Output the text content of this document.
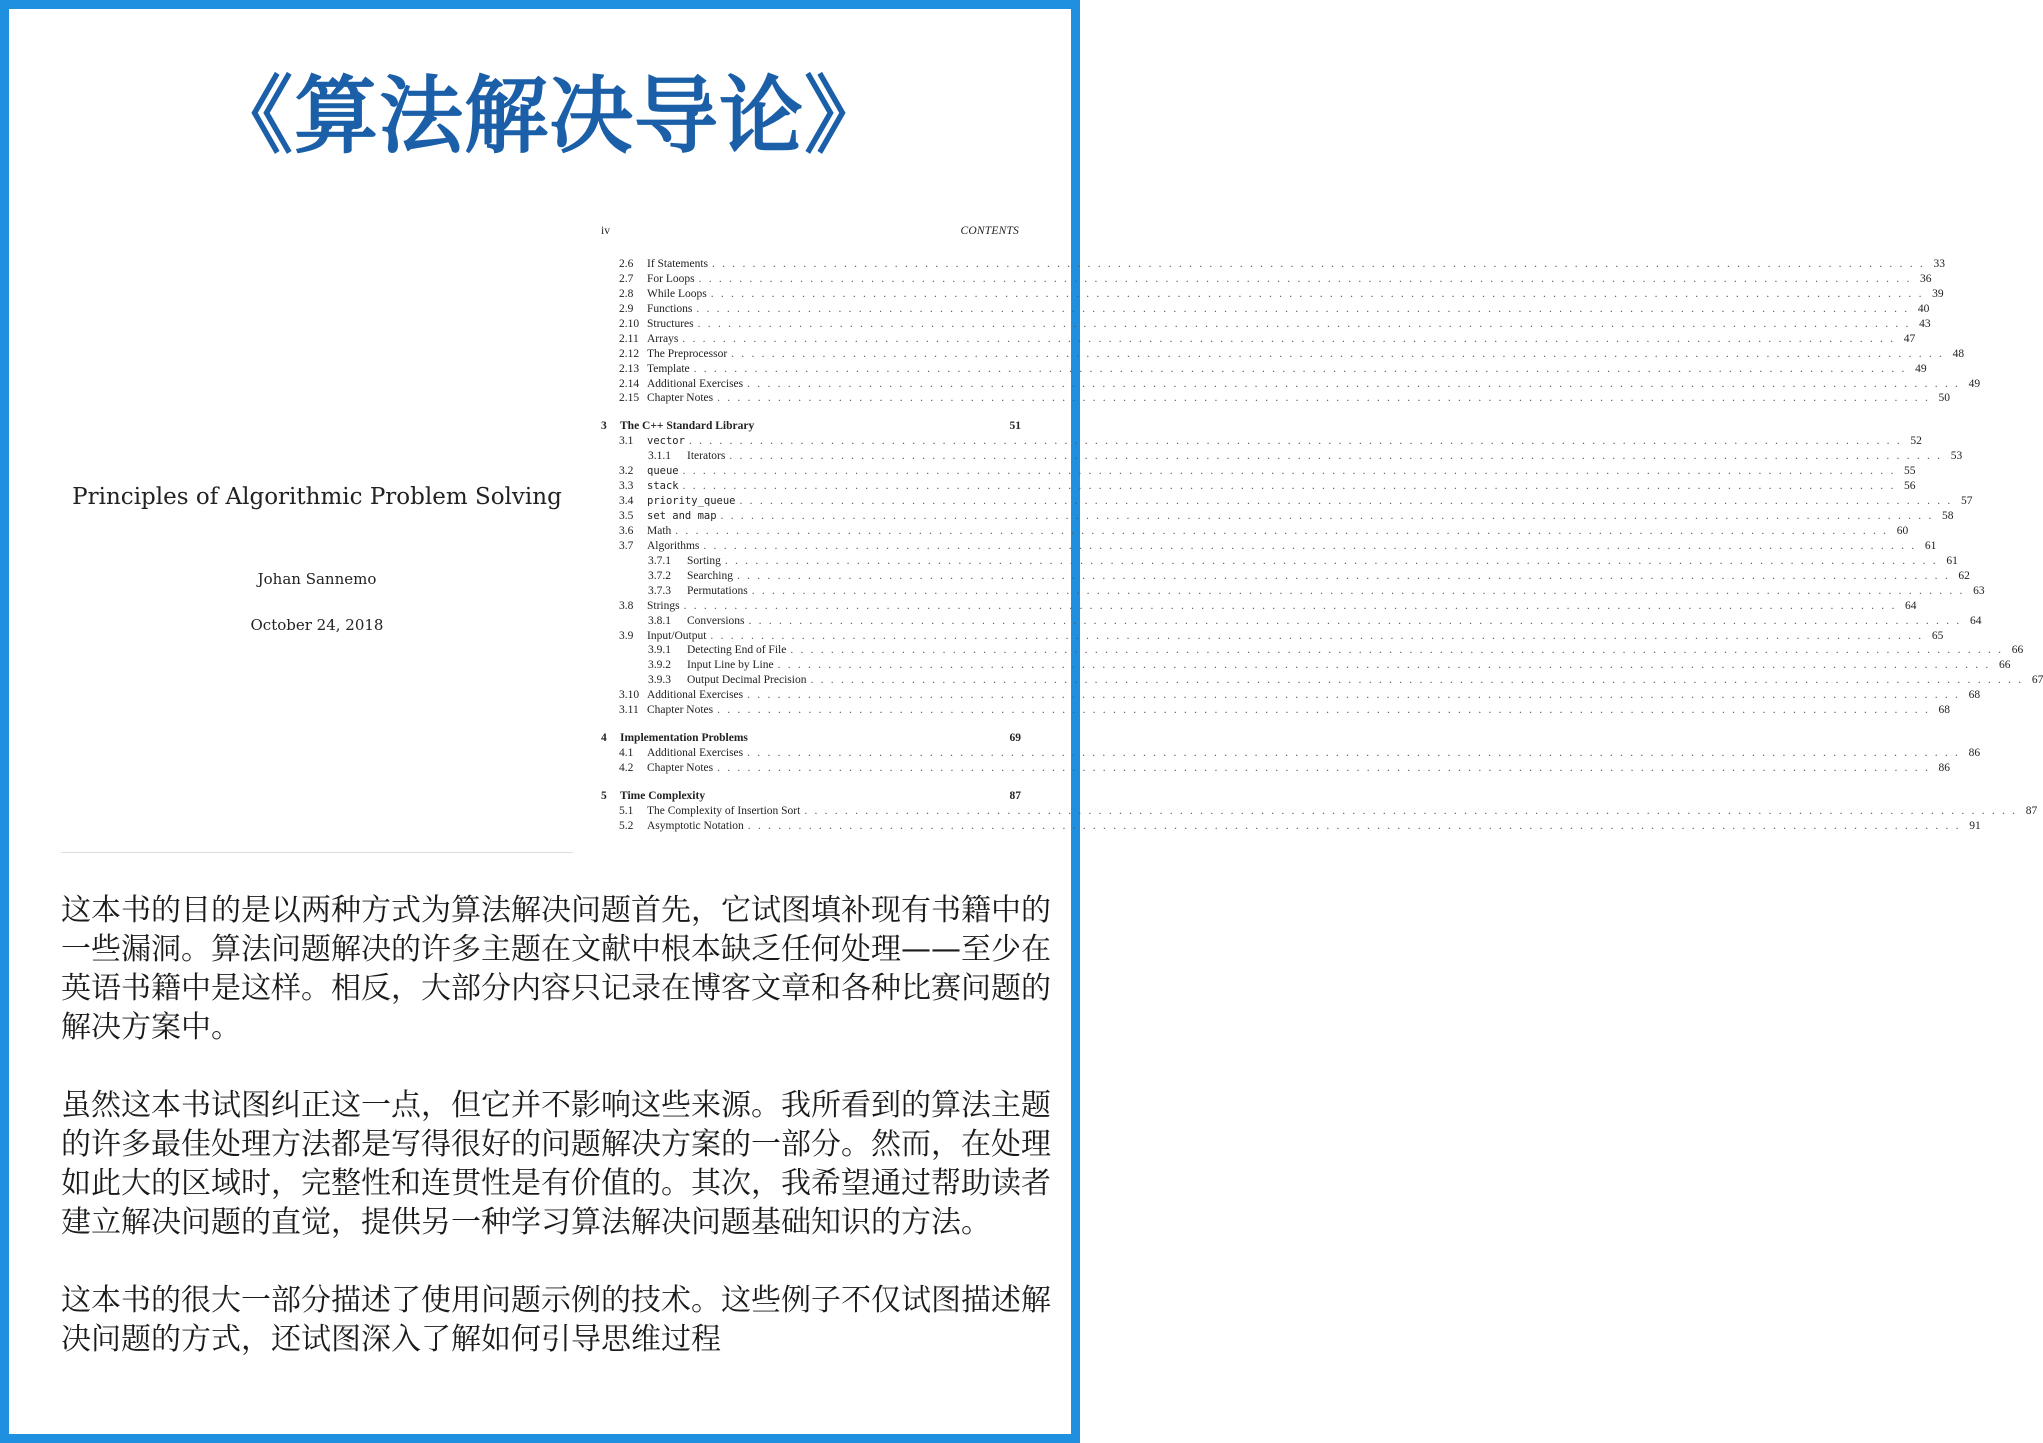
《算法解决导论》
Principles of Algorithmic Problem Solving
Johan Sannemo
October 24, 2018
iv	CONTENTS
2.6	If Statements . . . . . . . . . . . . . . . . . . . . . . . . . . . . . . . . . . . . . . . . . . . . . . . . . . . . . . . . . . . . . . . . . . . . . . . . . . . . . . . . . . . . . . . . . . . . . . . . . . . . . . . . . . . . . . . . . . . . . . . . 33
2.7	For Loops . . . . . . . . . . . . . . . . . . . . . . . . . . . . . . . . . . . . . . . . . . . . . . . . . . . . . . . . . . . . . . . . . . . . . . . . . . . . . . . . . . . . . . . . . . . . . . . . . . . . . . . . . . . . . . . . . . . . . . . . 36
2.8	While Loops . . . . . . . . . . . . . . . . . . . . . . . . . . . . . . . . . . . . . . . . . . . . . . . . . . . . . . . . . . . . . . . . . . . . . . . . . . . . . . . . . . . . . . . . . . . . . . . . . . . . . . . . . . . . . . . . . . . . . . . . 39
2.9	Functions . . . . . . . . . . . . . . . . . . . . . . . . . . . . . . . . . . . . . . . . . . . . . . . . . . . . . . . . . . . . . . . . . . . . . . . . . . . . . . . . . . . . . . . . . . . . . . . . . . . . . . . . . . . . . . . . . . . . . . . . 40
2.10 Structures . . . . . . . . . . . . . . . . . . . . . . . . . . . . . . . . . . . . . . . . . . . . . . . . . . . . . . . . . . . . . . . . . . . . . . . . . . . . . . . . . . . . . . . . . . . . . . . . . . . . . . . . . . . . . . . . . . . . . . . . 43
2.11 Arrays . . . . . . . . . . . . . . . . . . . . . . . . . . . . . . . . . . . . . . . . . . . . . . . . . . . . . . . . . . . . . . . . . . . . . . . . . . . . . . . . . . . . . . . . . . . . . . . . . . . . . . . . . . . . . . . . . . . . . . . . 47
2.12 The Preprocessor . . . . . . . . . . . . . . . . . . . . . . . . . . . . . . . . . . . . . . . . . . . . . . . . . . . . . . . . . . . . . . . . . . . . . . . . . . . . . . . . . . . . . . . . . . . . . . . . . . . . . . . . . . . . . . . . . . . . . . . . 48
2.13 Template . . . . . . . . . . . . . . . . . . . . . . . . . . . . . . . . . . . . . . . . . . . . . . . . . . . . . . . . . . . . . . . . . . . . . . . . . . . . . . . . . . . . . . . . . . . . . . . . . . . . . . . . . . . . . . . . . . . . . . . . 49
2.14 Additional Exercises . . . . . . . . . . . . . . . . . . . . . . . . . . . . . . . . . . . . . . . . . . . . . . . . . . . . . . . . . . . . . . . . . . . . . . . . . . . . . . . . . . . . . . . . . . . . . . . . . . . . . . . . . . . . . . . . . . . . . . . . 49
2.15 Chapter Notes . . . . . . . . . . . . . . . . . . . . . . . . . . . . . . . . . . . . . . . . . . . . . . . . . . . . . . . . . . . . . . . . . . . . . . . . . . . . . . . . . . . . . . . . . . . . . . . . . . . . . . . . . . . . . . . . . . . . . . . . 50
3	The C++ Standard Library	51
3.1	vector . . . . . . . . . . . . . . . . . . . . . . . . . . . . . . . . . . . . . . . . . . . . . . . . . . . . . . . . . . . . . . . . . . . . . . . . . . . . . . . . . . . . . . . . . . . . . . . . . . . . . . . . . . . . . . . . . . . . . . . . 52
3.1.1	Iterators . . . . . . . . . . . . . . . . . . . . . . . . . . . . . . . . . . . . . . . . . . . . . . . . . . . . . . . . . . . . . . . . . . . . . . . . . . . . . . . . . . . . . . . . . . . . . . . . . . . . . . . . . . . . . . . . . . . . . . . . 53
3.2	queue . . . . . . . . . . . . . . . . . . . . . . . . . . . . . . . . . . . . . . . . . . . . . . . . . . . . . . . . . . . . . . . . . . . . . . . . . . . . . . . . . . . . . . . . . . . . . . . . . . . . . . . . . . . . . . . . . . . . . . . . 55
3.3	stack . . . . . . . . . . . . . . . . . . . . . . . . . . . . . . . . . . . . . . . . . . . . . . . . . . . . . . . . . . . . . . . . . . . . . . . . . . . . . . . . . . . . . . . . . . . . . . . . . . . . . . . . . . . . . . . . . . . . . . . . 56
3.4	priority_queue . . . . . . . . . . . . . . . . . . . . . . . . . . . . . . . . . . . . . . . . . . . . . . . . . . . . . . . . . . . . . . . . . . . . . . . . . . . . . . . . . . . . . . . . . . . . . . . . . . . . . . . . . . . . . . . . . . . . . . . . 57
3.5	set and map . . . . . . . . . . . . . . . . . . . . . . . . . . . . . . . . . . . . . . . . . . . . . . . . . . . . . . . . . . . . . . . . . . . . . . . . . . . . . . . . . . . . . . . . . . . . . . . . . . . . . . . . . . . . . . . . . . . . . . . . 58
3.6	Math . . . . . . . . . . . . . . . . . . . . . . . . . . . . . . . . . . . . . . . . . . . . . . . . . . . . . . . . . . . . . . . . . . . . . . . . . . . . . . . . . . . . . . . . . . . . . . . . . . . . . . . . . . . . . . . . . . . . . . . . 60
3.7	Algorithms . . . . . . . . . . . . . . . . . . . . . . . . . . . . . . . . . . . . . . . . . . . . . . . . . . . . . . . . . . . . . . . . . . . . . . . . . . . . . . . . . . . . . . . . . . . . . . . . . . . . . . . . . . . . . . . . . . . . . . . . 61
3.7.1	Sorting . . . . . . . . . . . . . . . . . . . . . . . . . . . . . . . . . . . . . . . . . . . . . . . . . . . . . . . . . . . . . . . . . . . . . . . . . . . . . . . . . . . . . . . . . . . . . . . . . . . . . . . . . . . . . . . . . . . . . . . . 61
3.7.2	Searching . . . . . . . . . . . . . . . . . . . . . . . . . . . . . . . . . . . . . . . . . . . . . . . . . . . . . . . . . . . . . . . . . . . . . . . . . . . . . . . . . . . . . . . . . . . . . . . . . . . . . . . . . . . . . . . . . . . . . . . . 62
3.7.3	Permutations . . . . . . . . . . . . . . . . . . . . . . . . . . . . . . . . . . . . . . . . . . . . . . . . . . . . . . . . . . . . . . . . . . . . . . . . . . . . . . . . . . . . . . . . . . . . . . . . . . . . . . . . . . . . . . . . . . . . . . . . 63
3.8	Strings . . . . . . . . . . . . . . . . . . . . . . . . . . . . . . . . . . . . . . . . . . . . . . . . . . . . . . . . . . . . . . . . . . . . . . . . . . . . . . . . . . . . . . . . . . . . . . . . . . . . . . . . . . . . . . . . . . . . . . . . 64
3.8.1	Conversions . . . . . . . . . . . . . . . . . . . . . . . . . . . . . . . . . . . . . . . . . . . . . . . . . . . . . . . . . . . . . . . . . . . . . . . . . . . . . . . . . . . . . . . . . . . . . . . . . . . . . . . . . . . . . . . . . . . . . . . . 64
3.9	Input/Output . . . . . . . . . . . . . . . . . . . . . . . . . . . . . . . . . . . . . . . . . . . . . . . . . . . . . . . . . . . . . . . . . . . . . . . . . . . . . . . . . . . . . . . . . . . . . . . . . . . . . . . . . . . . . . . . . . . . . . . . 65
3.9.1	Detecting End of File . . . . . . . . . . . . . . . . . . . . . . . . . . . . . . . . . . . . . . . . . . . . . . . . . . . . . . . . . . . . . . . . . . . . . . . . . . . . . . . . . . . . . . . . . . . . . . . . . . . . . . . . . . . . . . . . . . . . . . . . 66
3.9.2	Input Line by Line . . . . . . . . . . . . . . . . . . . . . . . . . . . . . . . . . . . . . . . . . . . . . . . . . . . . . . . . . . . . . . . . . . . . . . . . . . . . . . . . . . . . . . . . . . . . . . . . . . . . . . . . . . . . . . . . . . . . . . . . 66
3.9.3	Output Decimal Precision . . . . . . . . . . . . . . . . . . . . . . . . . . . . . . . . . . . . . . . . . . . . . . . . . . . . . . . . . . . . . . . . . . . . . . . . . . . . . . . . . . . . . . . . . . . . . . . . . . . . . . . . . . . . . . . . . . . . . . . . 67
3.10 Additional Exercises . . . . . . . . . . . . . . . . . . . . . . . . . . . . . . . . . . . . . . . . . . . . . . . . . . . . . . . . . . . . . . . . . . . . . . . . . . . . . . . . . . . . . . . . . . . . . . . . . . . . . . . . . . . . . . . . . . . . . . . . 68
3.11 Chapter Notes . . . . . . . . . . . . . . . . . . . . . . . . . . . . . . . . . . . . . . . . . . . . . . . . . . . . . . . . . . . . . . . . . . . . . . . . . . . . . . . . . . . . . . . . . . . . . . . . . . . . . . . . . . . . . . . . . . . . . . . . 68
4	Implementation Problems	69
4.1	Additional Exercises . . . . . . . . . . . . . . . . . . . . . . . . . . . . . . . . . . . . . . . . . . . . . . . . . . . . . . . . . . . . . . . . . . . . . . . . . . . . . . . . . . . . . . . . . . . . . . . . . . . . . . . . . . . . . . . . . . . . . . . . 86
4.2	Chapter Notes . . . . . . . . . . . . . . . . . . . . . . . . . . . . . . . . . . . . . . . . . . . . . . . . . . . . . . . . . . . . . . . . . . . . . . . . . . . . . . . . . . . . . . . . . . . . . . . . . . . . . . . . . . . . . . . . . . . . . . . . 86
5	Time Complexity	87
5.1	The Complexity of Insertion Sort . . . . . . . . . . . . . . . . . . . . . . . . . . . . . . . . . . . . . . . . . . . . . . . . . . . . . . . . . . . . . . . . . . . . . . . . . . . . . . . . . . . . . . . . . . . . . . . . . . . . . . . . . . . . . . . . . . . . . . . . 87
5.2	Asymptotic Notation . . . . . . . . . . . . . . . . . . . . . . . . . . . . . . . . . . . . . . . . . . . . . . . . . . . . . . . . . . . . . . . . . . . . . . . . . . . . . . . . . . . . . . . . . . . . . . . . . . . . . . . . . . . . . . . . . . . . . . . . 91

这本书的目的是以两种方式为算法解决问题首先，它试图填补现有书籍中的一些漏洞。算法问题解决的许多主题在文献中根本缺乏任何处理——至少在英语书籍中是这样。相反，大部分内容只记录在博客文章和各种比赛问题的解决方案中。

虽然这本书试图纠正这一点，但它并不影响这些来源。我所看到的算法主题的许多最佳处理方法都是写得很好的问题解决方案的一部分。然而，在处理如此大的区域时，完整性和连贯性是有价值的。其次，我希望通过帮助读者建立解决问题的直觉，提供另一种学习算法解决问题基础知识的方法。

这本书的很大一部分描述了使用问题示例的技术。这些例子不仅试图描述解决问题的方式，还试图深入了解如何引导思维过程
